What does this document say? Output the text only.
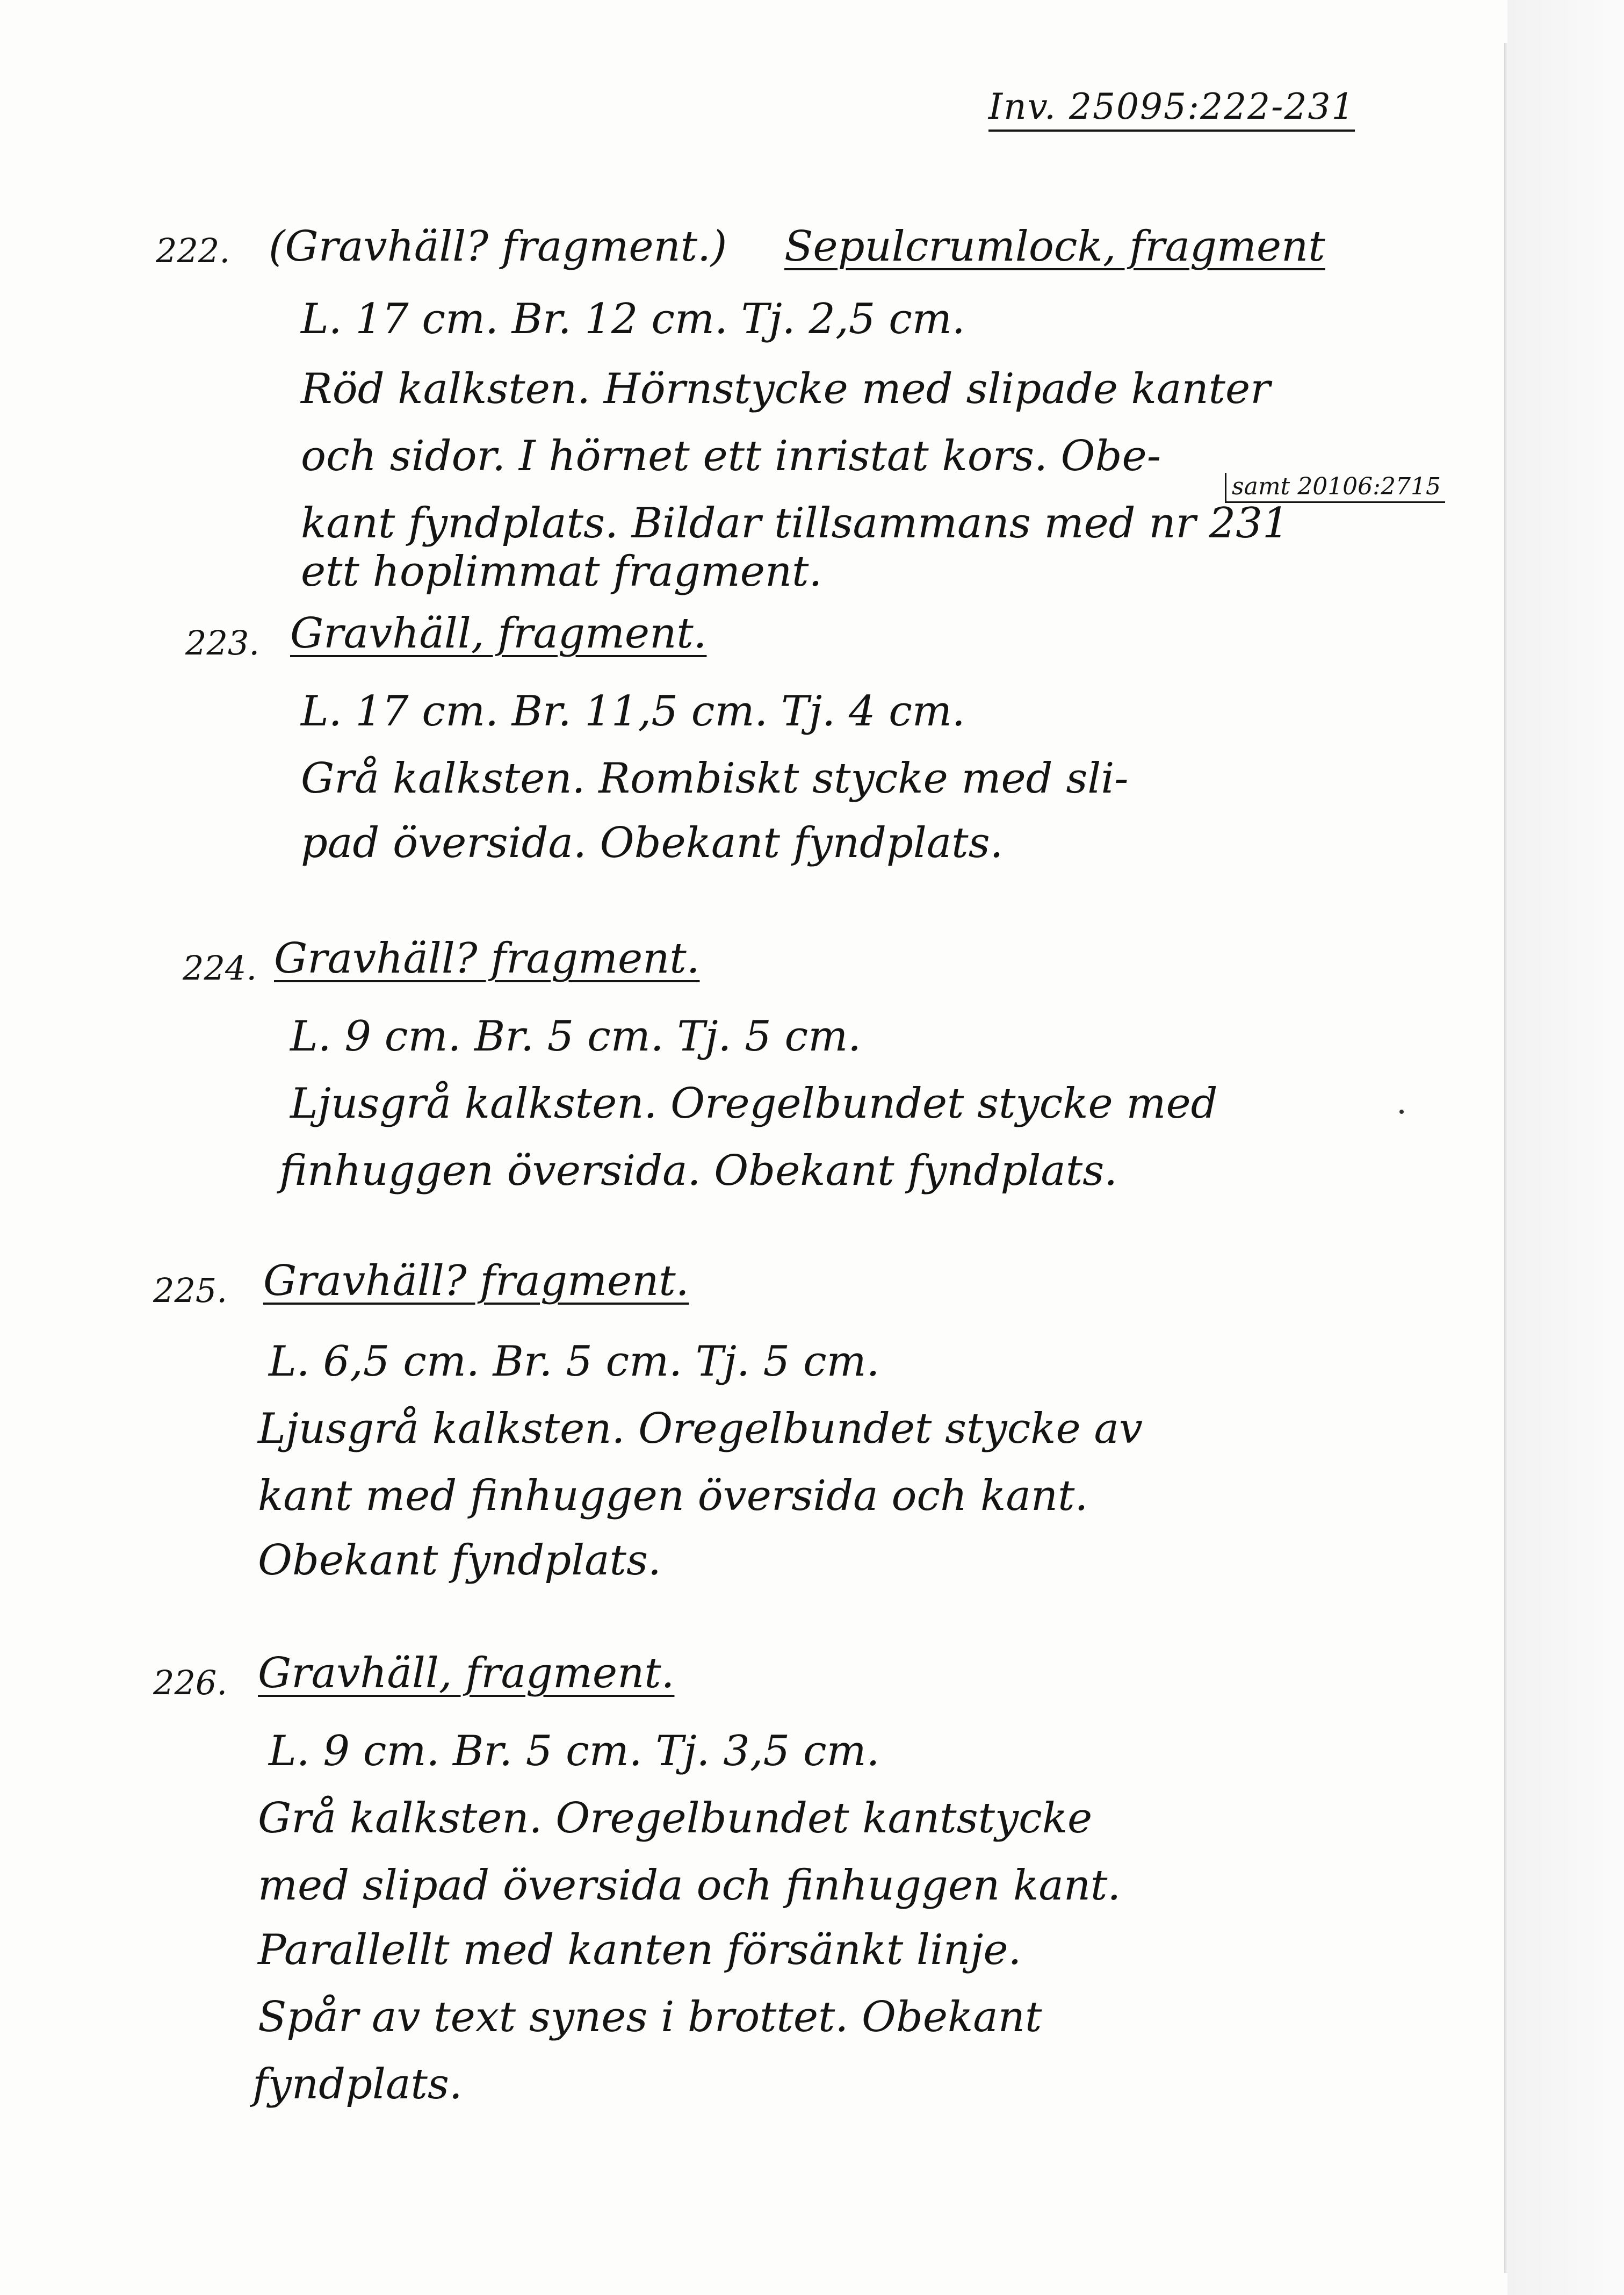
Inv. 25095:222-231
222. (Gravhäll? fragment.) Sepulcrumlock, fragment
L. 17 cm. Br. 12 cm. Tj. 2,5 cm.
Röd kalksten. Hörnstycke med slipade kanter
och sidor. I hörnet ett inristat kors. Obe-
samt 20106:2715
kant fyndplats. Bildar tillsammans med nr 231
ett hoplimmat fragment.
223. Gravhäll, fragment.
L. 17 cm. Br. 11,5 cm. Tj. 4 cm.
Grå kalksten. Rombiskt stycke med sli-
pad översida. Obekant fyndplats.
224. Gravhäll? fragment.
L. 9 cm. Br. 5 cm. Tj. 5 cm.
Ljusgrå kalksten. Oregelbundet stycke med
finhuggen översida. Obekant fyndplats.
225. Gravhäll? fragment.
L. 6,5 cm. Br. 5 cm. Tj. 5 cm.
Ljusgrå kalksten. Oregelbundet stycke av
kant med finhuggen översida och kant.
Obekant fyndplats.
226. Gravhäll, fragment.
L. 9 cm. Br. 5 cm. Tj. 3,5 cm.
Grå kalksten. Oregelbundet kantstycke
med slipad översida och finhuggen kant.
Parallellt med kanten försänkt linje.
Spår av text synes i brottet. Obekant
fyndplats.
